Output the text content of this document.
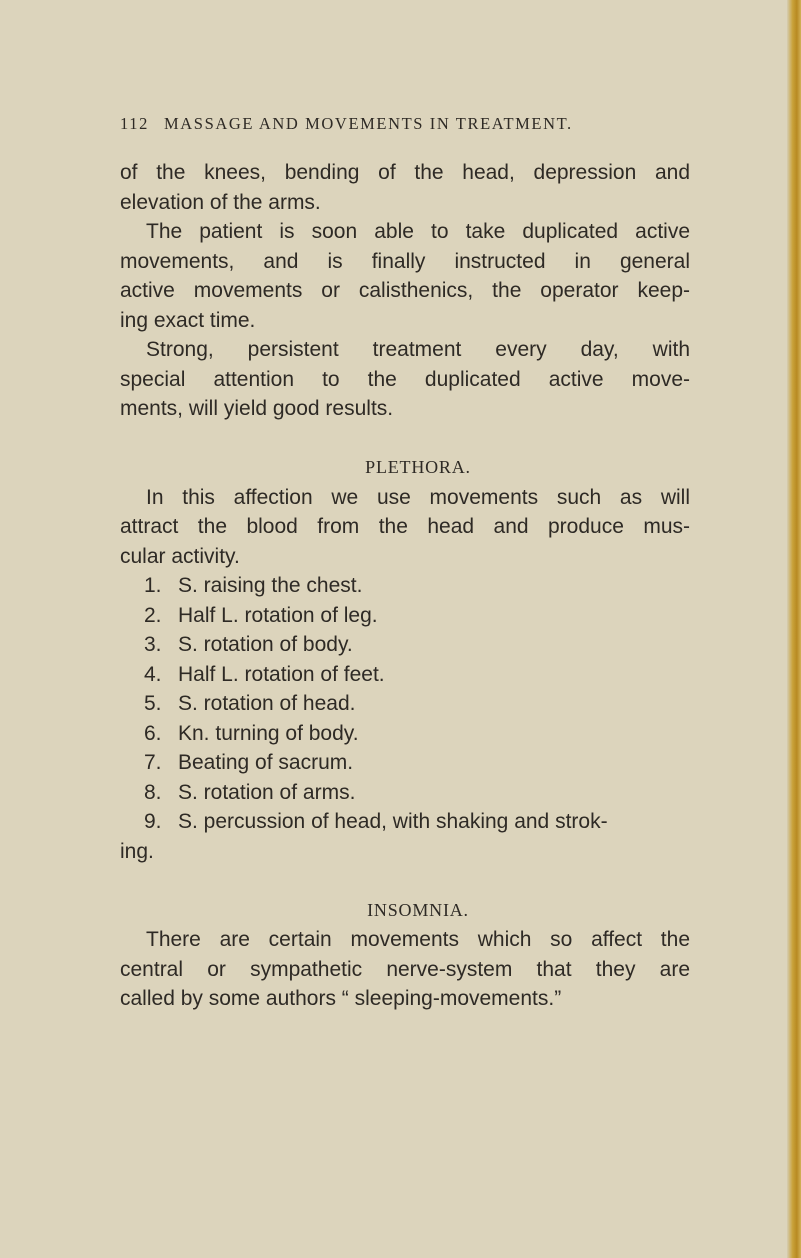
112 MASSAGE AND MOVEMENTS IN TREATMENT.
of the knees, bending of the head, depression and
elevation of the arms.
The patient is soon able to take duplicated active
movements, and is finally instructed in general
active movements or calisthenics, the operator keep-
ing exact time.
Strong, persistent treatment every day, with
special attention to the duplicated active move-
ments, will yield good results.
PLETHORA.
In this affection we use movements such as will
attract the blood from the head and produce mus-
cular activity.
1. S. raising the chest.
2. Half L. rotation of leg.
3. S. rotation of body.
4. Half L. rotation of feet.
5. S. rotation of head.
6. Kn. turning of body.
7. Beating of sacrum.
8. S. rotation of arms.
9. S. percussion of head, with shaking and strok-
ing.
INSOMNIA.
There are certain movements which so affect the
central or sympathetic nerve-system that they are
called by some authors “ sleeping-movements.”
